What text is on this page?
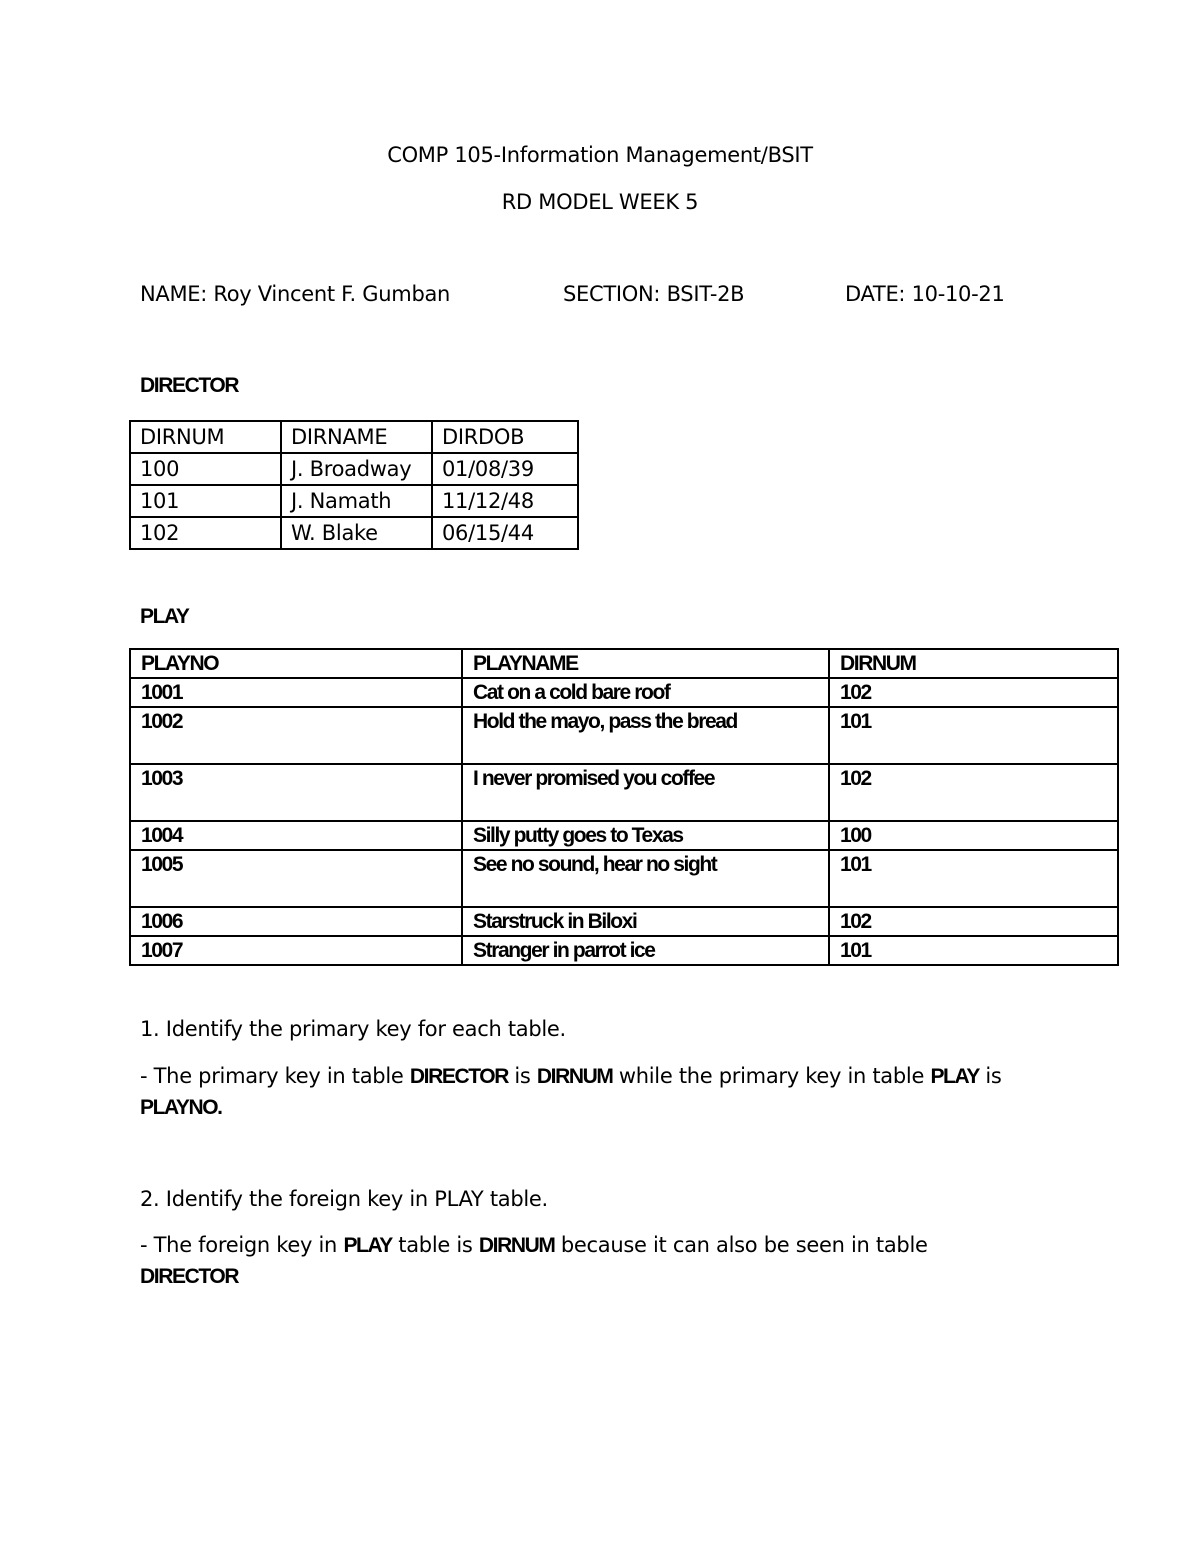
COMP 105-Information Management/BSIT
RD MODEL WEEK 5
NAME: Roy Vincent F. Gumban	SECTION: BSIT-2B	DATE: 10-10-21
DIRECTOR
DIRNUM	DIRNAME	DIRDOB
100	J. Broadway	01/08/39
101	J. Namath	11/12/48
102	W. Blake	06/15/44
PLAY
PLAYNO	PLAYNAME	DIRNUM
1001	Cat on a cold bare roof	102
1002	Hold the mayo, pass the bread	101
1003	I never promised you coffee	102
1004	Silly putty goes to Texas	100
1005	See no sound, hear no sight	101
1006	Starstruck in Biloxi	102
1007	Stranger in parrot ice	101
1. Identify the primary key for each table.
- The primary key in table DIRECTOR is DIRNUM while the primary key in table PLAY is
PLAYNO.
2. Identify the foreign key in PLAY table.
- The foreign key in PLAY table is DIRNUM because it can also be seen in table
DIRECTOR
